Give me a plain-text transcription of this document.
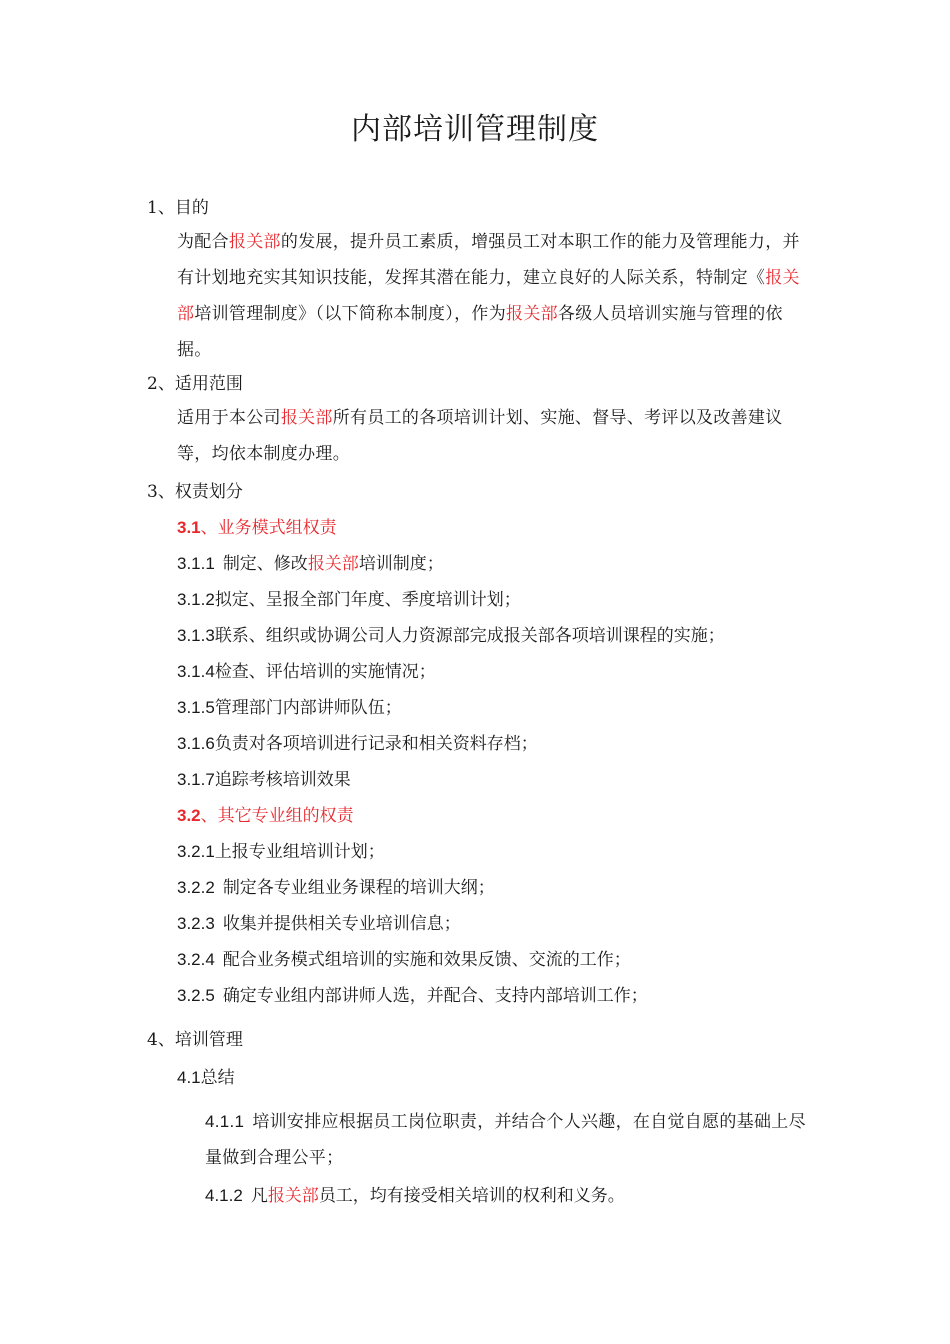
内部培训管理制度
1、目的
为配合报关部的发展，提升员工素质，增强员工对本职工作的能力及管理能力，并有计划地充实其知识技能，发挥其潜在能力，建立良好的人际关系，特制定《报关部培训管理制度》（以下简称本制度），作为报关部各级人员培训实施与管理的依据。
2、适用范围
适用于本公司报关部所有员工的各项培训计划、实施、督导、考评以及改善建议等，均依本制度办理。
3、权责划分
3.1、业务模式组权责
3.1.1 制定、修改报关部培训制度；
3.1.2拟定、呈报全部门年度、季度培训计划；
3.1.3联系、组织或协调公司人力资源部完成报关部各项培训课程的实施；
3.1.4检查、评估培训的实施情况；
3.1.5管理部门内部讲师队伍；
3.1.6负责对各项培训进行记录和相关资料存档；
3.1.7追踪考核培训效果
3.2、其它专业组的权责
3.2.1上报专业组培训计划；
3.2.2 制定各专业组业务课程的培训大纲；
3.2.3 收集并提供相关专业培训信息；
3.2.4 配合业务模式组培训的实施和效果反馈、交流的工作；
3.2.5 确定专业组内部讲师人选，并配合、支持内部培训工作；
4、培训管理
4.1总结
4.1.1 培训安排应根据员工岗位职责，并结合个人兴趣，在自觉自愿的基础上尽量做到合理公平；
4.1.2 凡报关部员工，均有接受相关培训的权利和义务。
